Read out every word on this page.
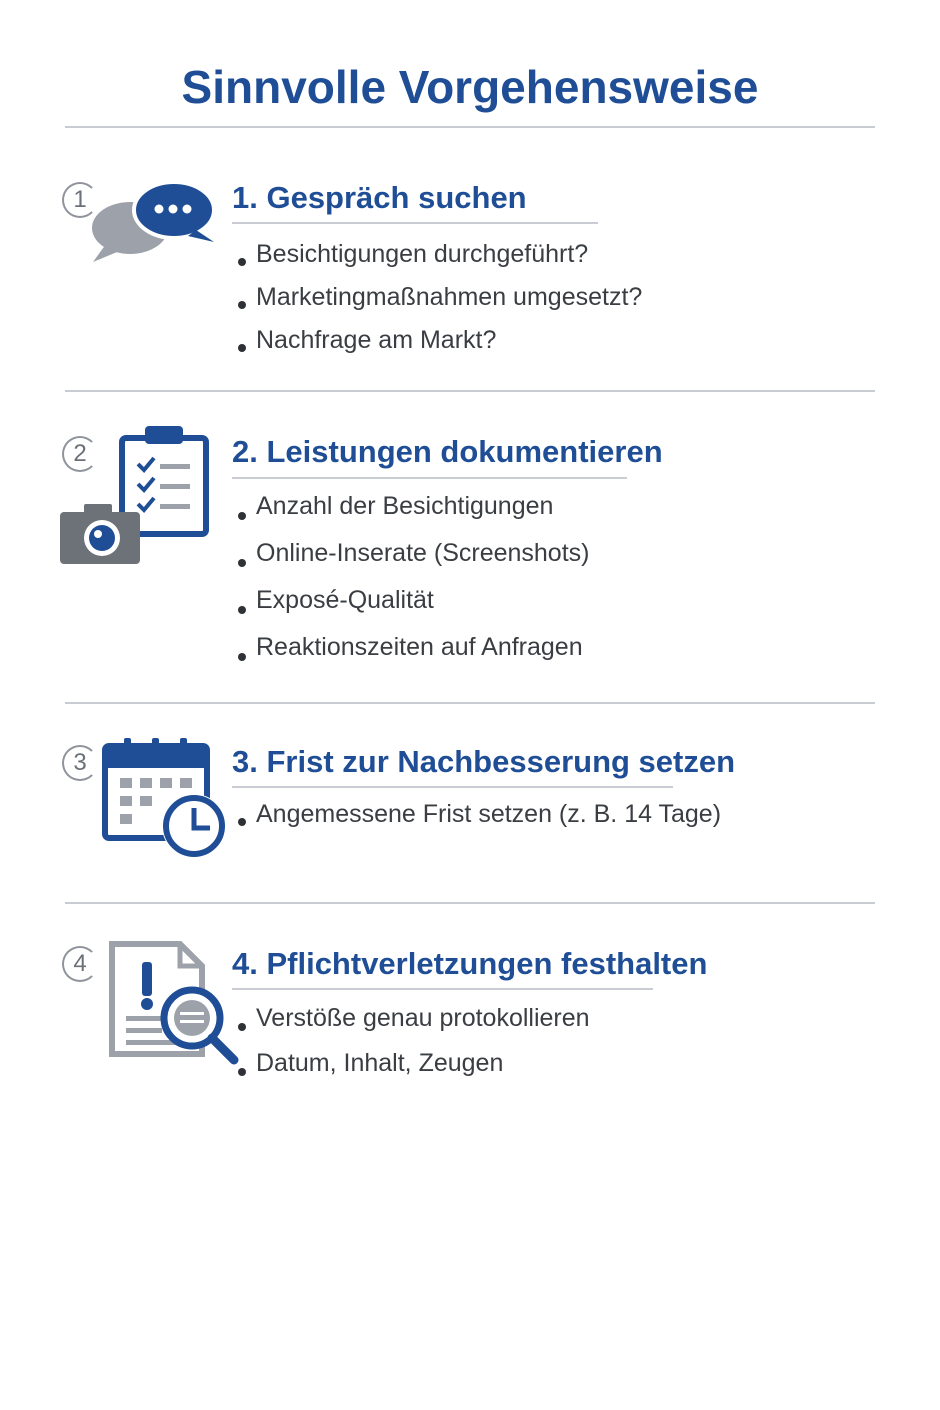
Sinnvolle Vorgehensweise
1	1. Gespräch suchen
Besichtigungen durchgeführt?
Marketingmaßnahmen umgesetzt?
Nachfrage am Markt?
2	2. Leistungen dokumentieren
Anzahl der Besichtigungen
Online-Inserate (Screenshots)
Exposé-Qualität
Reaktionszeiten auf Anfragen
3	3. Frist zur Nachbesserung setzen
Angemessene Frist setzen (z. B. 14 Tage)
4	4. Pflichtverletzungen festhalten
Verstöße genau protokollieren
Datum, Inhalt, Zeugen
